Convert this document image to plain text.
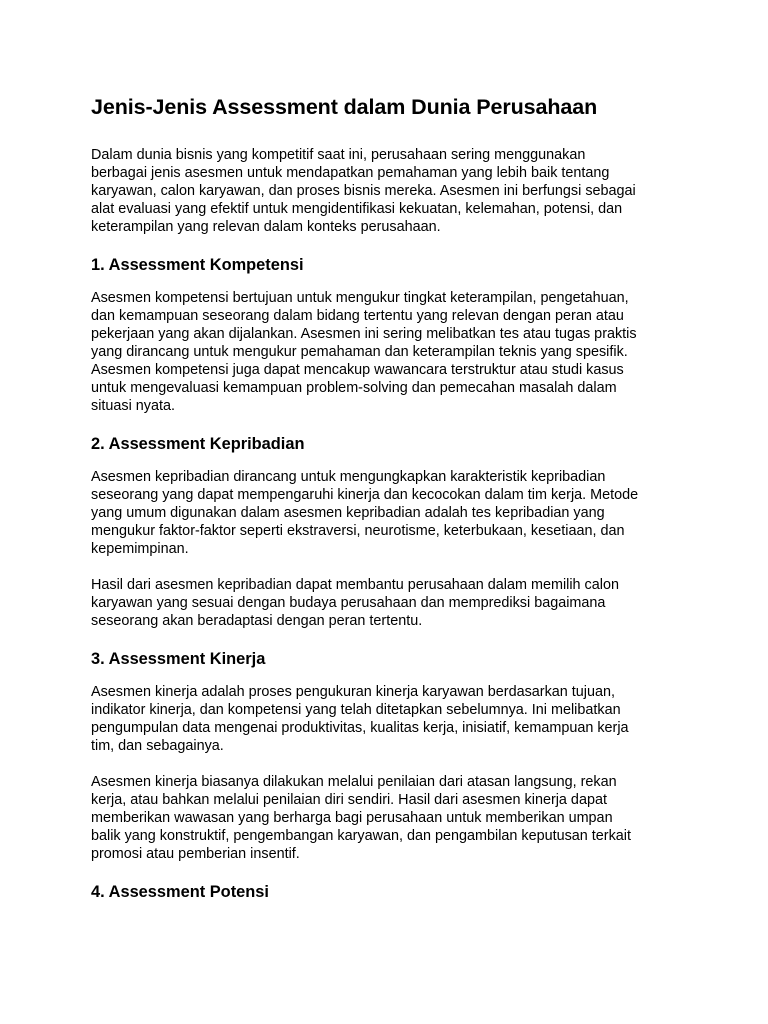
Jenis-Jenis Assessment dalam Dunia Perusahaan

Dalam dunia bisnis yang kompetitif saat ini, perusahaan sering menggunakan
berbagai jenis asesmen untuk mendapatkan pemahaman yang lebih baik tentang
karyawan, calon karyawan, dan proses bisnis mereka. Asesmen ini berfungsi sebagai
alat evaluasi yang efektif untuk mengidentifikasi kekuatan, kelemahan, potensi, dan
keterampilan yang relevan dalam konteks perusahaan.

1. Assessment Kompetensi

Asesmen kompetensi bertujuan untuk mengukur tingkat keterampilan, pengetahuan,
dan kemampuan seseorang dalam bidang tertentu yang relevan dengan peran atau
pekerjaan yang akan dijalankan. Asesmen ini sering melibatkan tes atau tugas praktis
yang dirancang untuk mengukur pemahaman dan keterampilan teknis yang spesifik.
Asesmen kompetensi juga dapat mencakup wawancara terstruktur atau studi kasus
untuk mengevaluasi kemampuan problem-solving dan pemecahan masalah dalam
situasi nyata.

2. Assessment Kepribadian

Asesmen kepribadian dirancang untuk mengungkapkan karakteristik kepribadian
seseorang yang dapat mempengaruhi kinerja dan kecocokan dalam tim kerja. Metode
yang umum digunakan dalam asesmen kepribadian adalah tes kepribadian yang
mengukur faktor-faktor seperti ekstraversi, neurotisme, keterbukaan, kesetiaan, dan
kepemimpinan.

Hasil dari asesmen kepribadian dapat membantu perusahaan dalam memilih calon
karyawan yang sesuai dengan budaya perusahaan dan memprediksi bagaimana
seseorang akan beradaptasi dengan peran tertentu.

3. Assessment Kinerja

Asesmen kinerja adalah proses pengukuran kinerja karyawan berdasarkan tujuan,
indikator kinerja, dan kompetensi yang telah ditetapkan sebelumnya. Ini melibatkan
pengumpulan data mengenai produktivitas, kualitas kerja, inisiatif, kemampuan kerja
tim, dan sebagainya.

Asesmen kinerja biasanya dilakukan melalui penilaian dari atasan langsung, rekan
kerja, atau bahkan melalui penilaian diri sendiri. Hasil dari asesmen kinerja dapat
memberikan wawasan yang berharga bagi perusahaan untuk memberikan umpan
balik yang konstruktif, pengembangan karyawan, dan pengambilan keputusan terkait
promosi atau pemberian insentif.

4. Assessment Potensi
